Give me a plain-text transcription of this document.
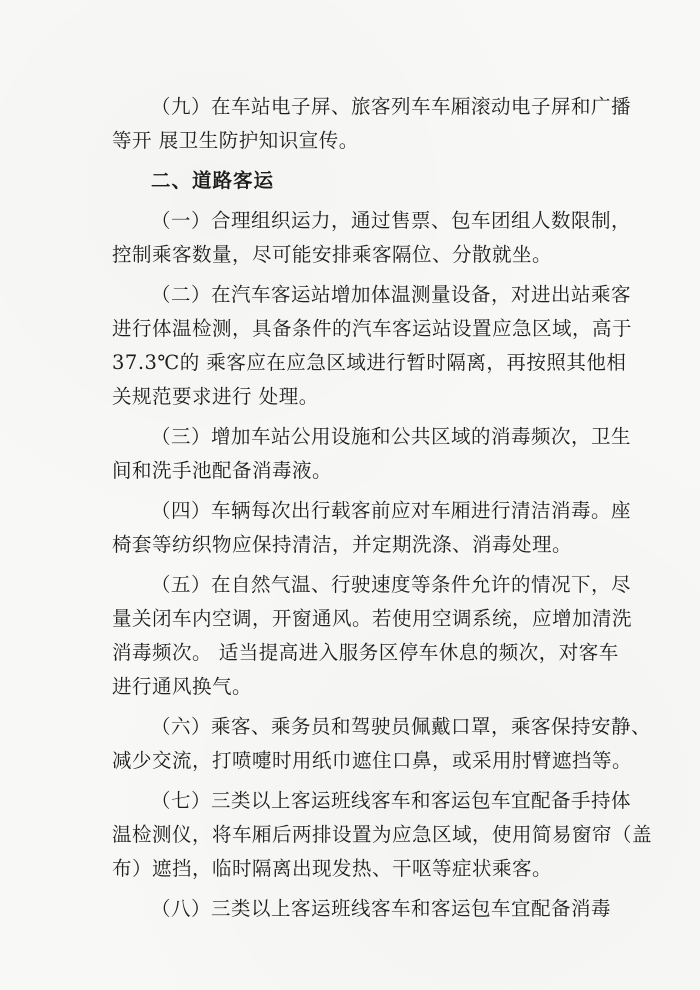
（九）在车站电子屏、旅客列车车厢滚动电子屏和广播
等开 展卫生防护知识宣传。
二、道路客运
（一）合理组织运力，通过售票、包车团组人数限制，
控制乘客数量，尽可能安排乘客隔位、分散就坐。
（二）在汽车客运站增加体温测量设备，对进出站乘客
进行体温检测，具备条件的汽车客运站设置应急区域，高于
37.3℃的 乘客应在应急区域进行暂时隔离，再按照其他相
关规范要求进行 处理。
（三）增加车站公用设施和公共区域的消毒频次，卫生
间和洗手池配备消毒液。
（四）车辆每次出行载客前应对车厢进行清洁消毒。座
椅套等纺织物应保持清洁，并定期洗涤、消毒处理。
（五）在自然气温、行驶速度等条件允许的情况下，尽
量关闭车内空调，开窗通风。若使用空调系统，应增加清洗
消毒频次。 适当提高进入服务区停车休息的频次，对客车
进行通风换气。
（六）乘客、乘务员和驾驶员佩戴口罩，乘客保持安静、
减少交流，打喷嚏时用纸巾遮住口鼻，或采用肘臂遮挡等。
（七）三类以上客运班线客车和客运包车宜配备手持体
温检测仪，将车厢后两排设置为应急区域，使用简易窗帘（盖
布）遮挡，临时隔离出现发热、干呕等症状乘客。
（八）三类以上客运班线客车和客运包车宜配备消毒
